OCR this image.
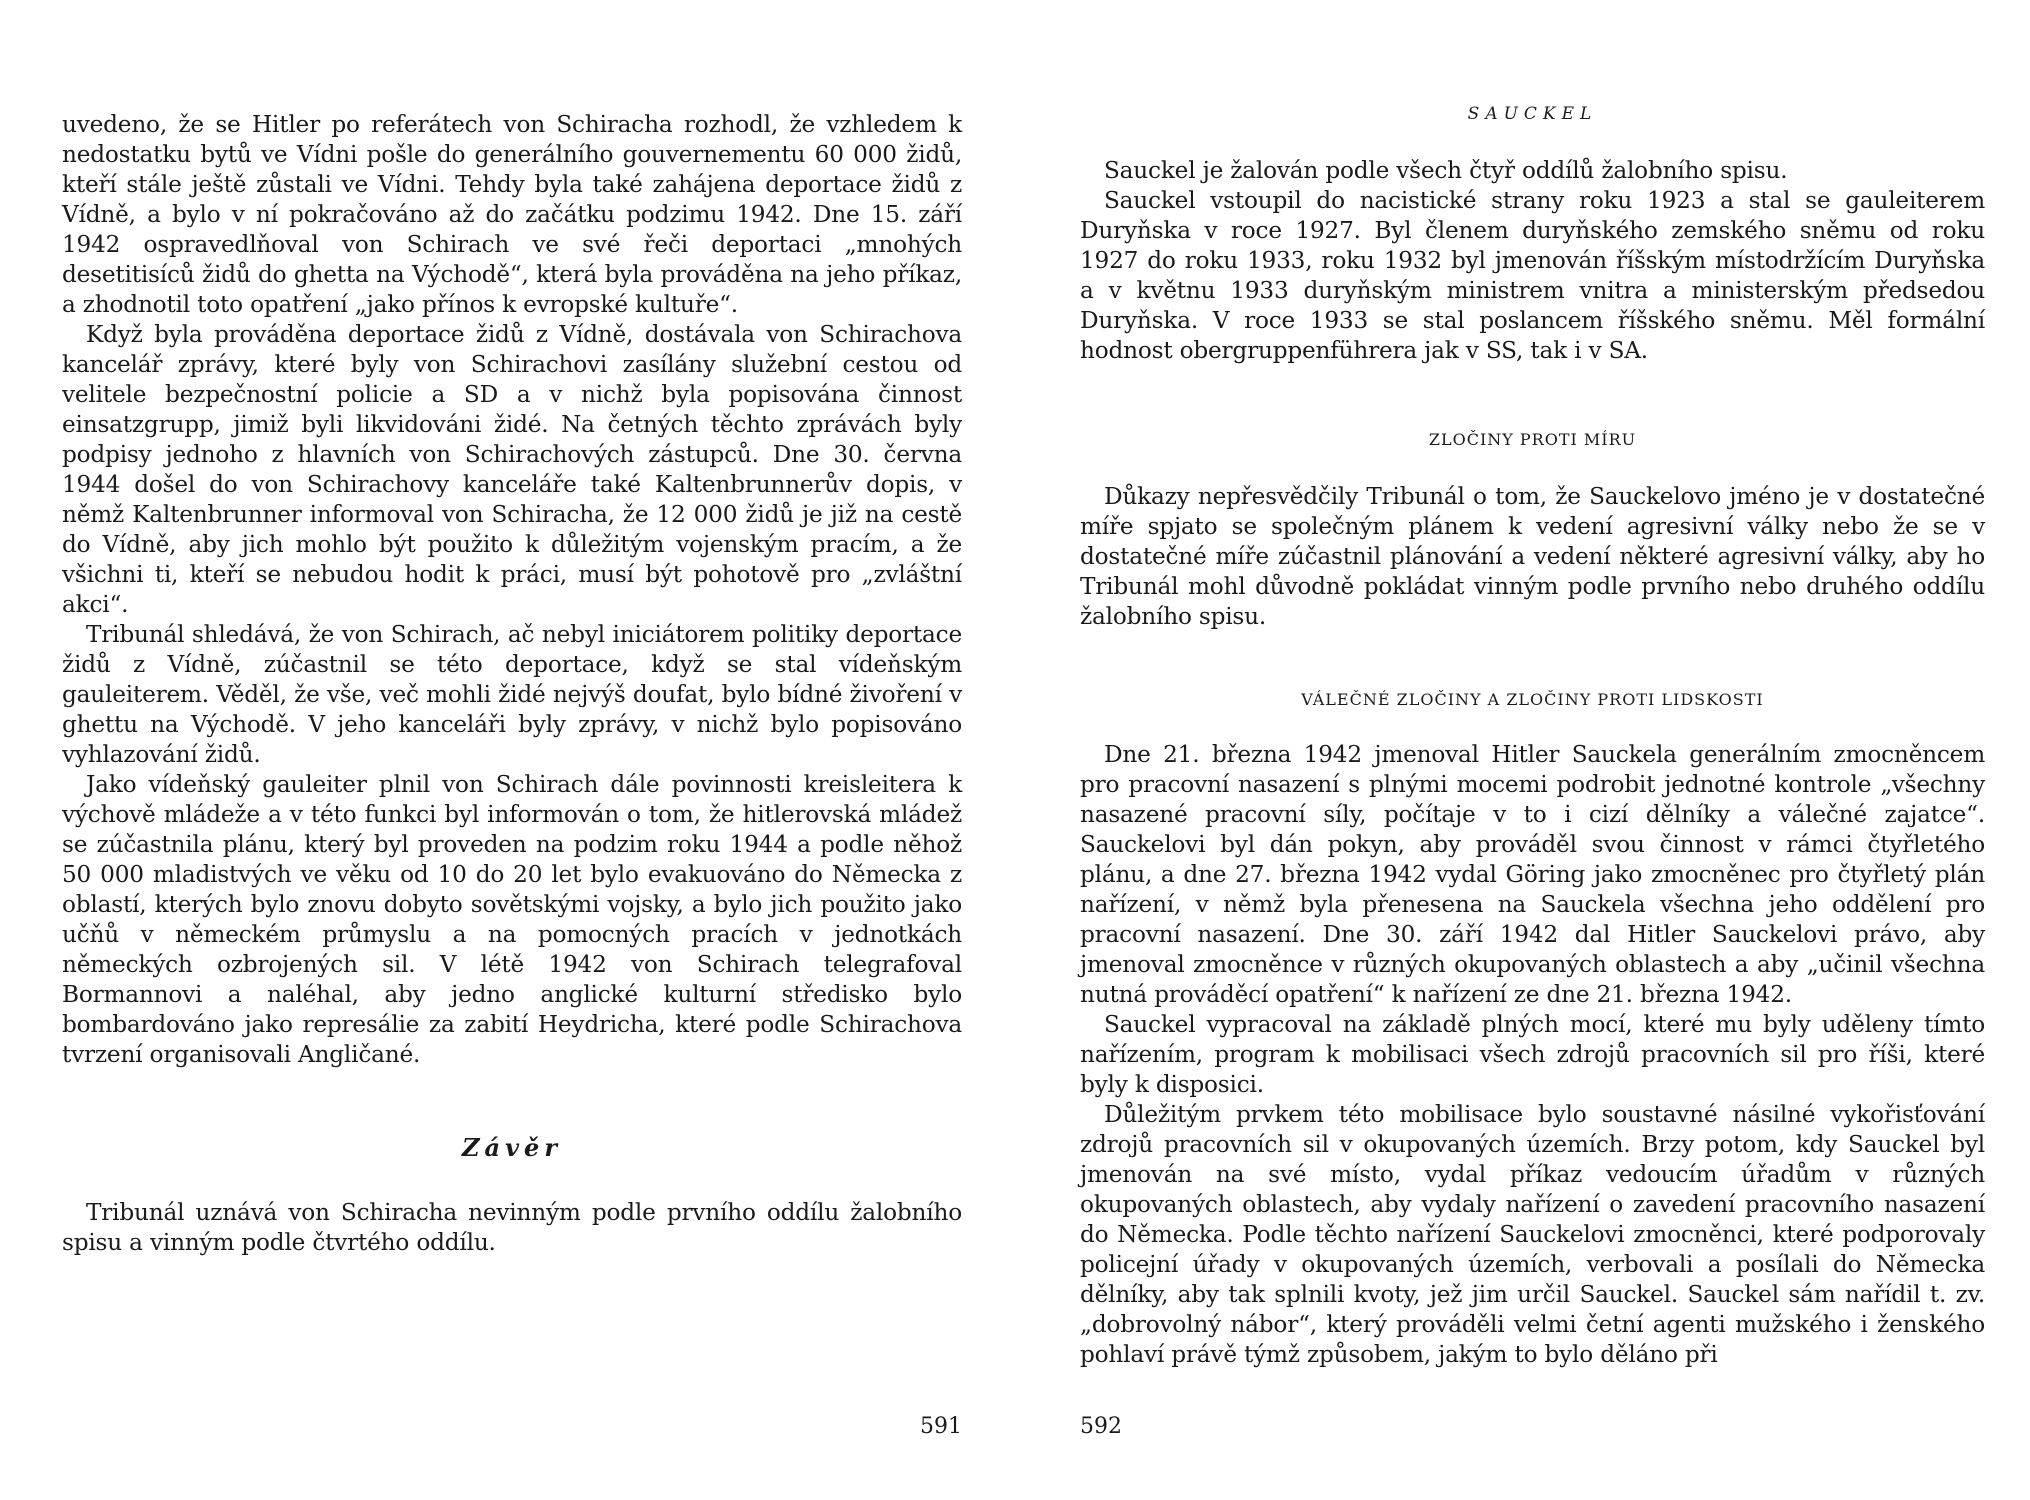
uvedeno, že se Hitler po referátech von Schiracha rozhodl, že vzhledem k nedostatku bytů ve Vídni pošle do generálního gouvernementu 60 000 židů, kteří stále ještě zůstali ve Vídni. Tehdy byla také zahájena deportace židů z Vídně, a bylo v ní pokračováno až do začátku podzimu 1942. Dne 15. září 1942 ospravedlňoval von Schirach ve své řeči deportaci „mnohých desetitisíců židů do ghetta na Východě“, která byla prováděna na jeho příkaz, a zhodnotil toto opatření „jako přínos k evropské kultuře“.

Když byla prováděna deportace židů z Vídně, dostávala von Schirachova kancelář zprávy, které byly von Schirachovi zasílány služební cestou od velitele bezpečnostní policie a SD a v nichž byla popisována činnost einsatzgrupp, jimiž byli likvidováni židé. Na četných těchto zprávách byly podpisy jednoho z hlavních von Schirachových zástupců. Dne 30. června 1944 došel do von Schirachovy kanceláře také Kaltenbrunnerův dopis, v němž Kaltenbrunner informoval von Schiracha, že 12 000 židů je již na cestě do Vídně, aby jich mohlo být použito k důležitým vojenským pracím, a že všichni ti, kteří se nebudou hodit k práci, musí být pohotově pro „zvláštní akci“.

Tribunál shledává, že von Schirach, ač nebyl iniciátorem politiky deportace židů z Vídně, zúčastnil se této deportace, když se stal vídeňským gauleiterem. Věděl, že vše, več mohli židé nejvýš doufat, bylo bídné živoření v ghettu na Východě. V jeho kanceláři byly zprávy, v nichž bylo popisováno vyhlazování židů.

Jako vídeňský gauleiter plnil von Schirach dále povinnosti kreisleitera k výchově mládeže a v této funkci byl informován o tom, že hitlerovská mládež se zúčastnila plánu, který byl proveden na podzim roku 1944 a podle něhož 50 000 mladistvých ve věku od 10 do 20 let bylo evakuováno do Německa z oblastí, kterých bylo znovu dobyto sovětskými vojsky, a bylo jich použito jako učňů v německém průmyslu a na pomocných pracích v jednotkách německých ozbrojených sil. V létě 1942 von Schirach telegrafoval Bormannovi a naléhal, aby jedno anglické kulturní středisko bylo bombardováno jako represálie za zabití Heydricha, které podle Schirachova tvrzení organisovali Angličané.

Závěr

Tribunál uznává von Schiracha nevinným podle prvního oddílu žalobního spisu a vinným podle čtvrtého oddílu.

591
SAUCKEL

Sauckel je žalován podle všech čtyř oddílů žalobního spisu.

Sauckel vstoupil do nacistické strany roku 1923 a stal se gauleiterem Duryňska v roce 1927. Byl členem duryňského zemského sněmu od roku 1927 do roku 1933, roku 1932 byl jmenován říšským místodržícím Duryňska a v květnu 1933 duryňským ministrem vnitra a ministerským předsedou Duryňska. V roce 1933 se stal poslancem říšského sněmu. Měl formální hodnost obergruppenführera jak v SS, tak i v SA.

ZLOČINY PROTI MÍRU

Důkazy nepřesvědčily Tribunál o tom, že Sauckelovo jméno je v dostatečné míře spjato se společným plánem k vedení agresivní války nebo že se v dostatečné míře zúčastnil plánování a vedení některé agresivní války, aby ho Tribunál mohl důvodně pokládat vinným podle prvního nebo druhého oddílu žalobního spisu.

VÁLEČNÉ ZLOČINY A ZLOČINY PROTI LIDSKOSTI

Dne 21. března 1942 jmenoval Hitler Sauckela generálním zmocněncem pro pracovní nasazení s plnými mocemi podrobit jednotné kontrole „všechny nasazené pracovní síly, počítaje v to i cizí dělníky a válečné zajatce“. Sauckelovi byl dán pokyn, aby prováděl svou činnost v rámci čtyřletého plánu, a dne 27. března 1942 vydal Göring jako zmocněnec pro čtyřletý plán nařízení, v němž byla přenesena na Sauckela všechna jeho oddělení pro pracovní nasazení. Dne 30. září 1942 dal Hitler Sauckelovi právo, aby jmenoval zmocněnce v různých okupovaných oblastech a aby „učinil všechna nutná prováděcí opatření“ k nařízení ze dne 21. března 1942.

Sauckel vypracoval na základě plných mocí, které mu byly uděleny tímto nařízením, program k mobilisaci všech zdrojů pracovních sil pro říši, které byly k disposici.

Důležitým prvkem této mobilisace bylo soustavné násilné vykořisťování zdrojů pracovních sil v okupovaných územích. Brzy potom, kdy Sauckel byl jmenován na své místo, vydal příkaz vedoucím úřadům v různých okupovaných oblastech, aby vydaly nařízení o zavedení pracovního nasazení do Německa. Podle těchto nařízení Sauckelovi zmocněnci, které podporovaly policejní úřady v okupovaných územích, verbovali a posílali do Německa dělníky, aby tak splnili kvoty, jež jim určil Sauckel. Sauckel sám nařídil t. zv. „dobrovolný nábor“, který prováděli velmi četní agenti mužského i ženského pohlaví právě týmž způsobem, jakým to bylo děláno při

592
